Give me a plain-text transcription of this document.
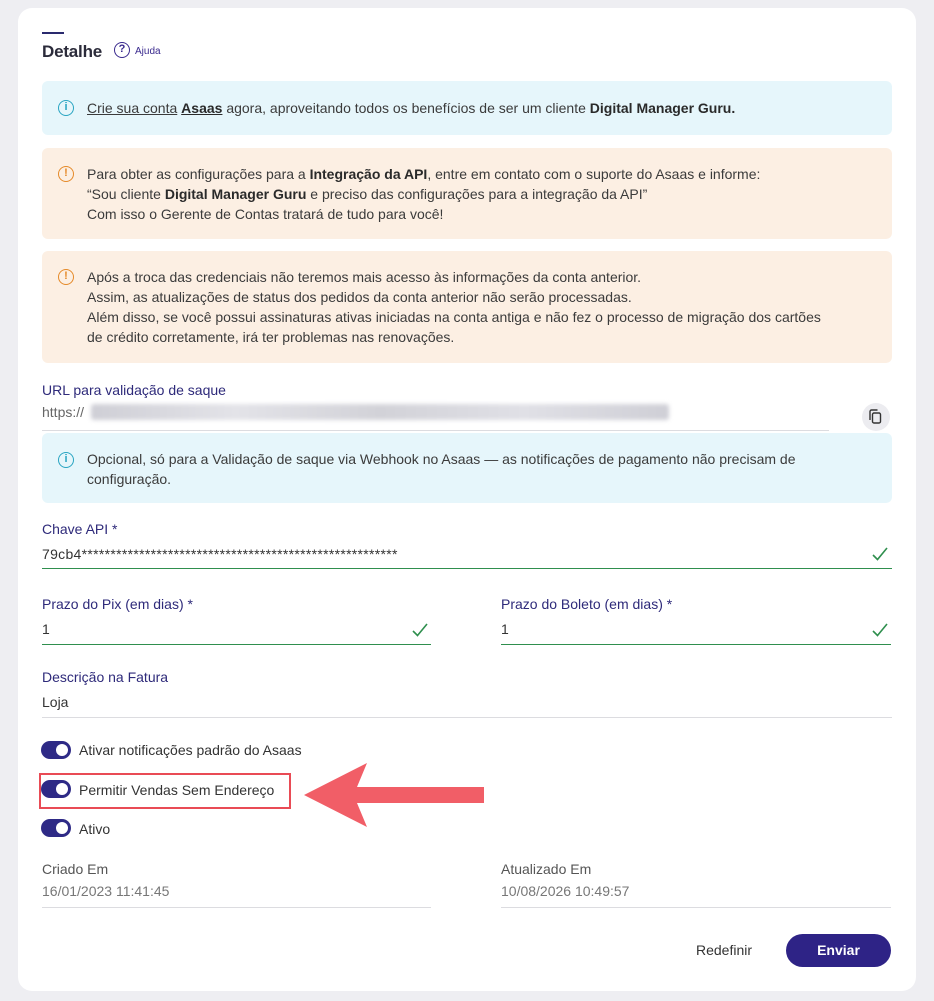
Detalhe	? Ajuda
i	Crie sua conta Asaas agora, aproveitando todos os benefícios de ser um cliente Digital Manager Guru.
!	Para obter as configurações para a Integração da API, entre em contato com o suporte do Asaas e informe:
“Sou cliente Digital Manager Guru e preciso das configurações para a integração da API”
Com isso o Gerente de Contas tratará de tudo para você!
!	Após a troca das credenciais não teremos mais acesso às informações da conta anterior.
Assim, as atualizações de status dos pedidos da conta anterior não serão processadas.
Além disso, se você possui assinaturas ativas iniciadas na conta antiga e não fez o processo de migração dos cartões
de crédito corretamente, irá ter problemas nas renovações.
URL para validação de saque
https://
i	Opcional, só para a Validação de saque via Webhook no Asaas — as notificações de pagamento não precisam de
configuração.
Chave API *
79cb4*******************************************************
Prazo do Pix (em dias) *
1
Prazo do Boleto (em dias) *
1
Descrição na Fatura
Loja
Ativar notificações padrão do Asaas
Permitir Vendas Sem Endereço
Ativo
Criado Em
16/01/2023 11:41:45
Atualizado Em
10/08/2026 10:49:57
Redefinir	Enviar
